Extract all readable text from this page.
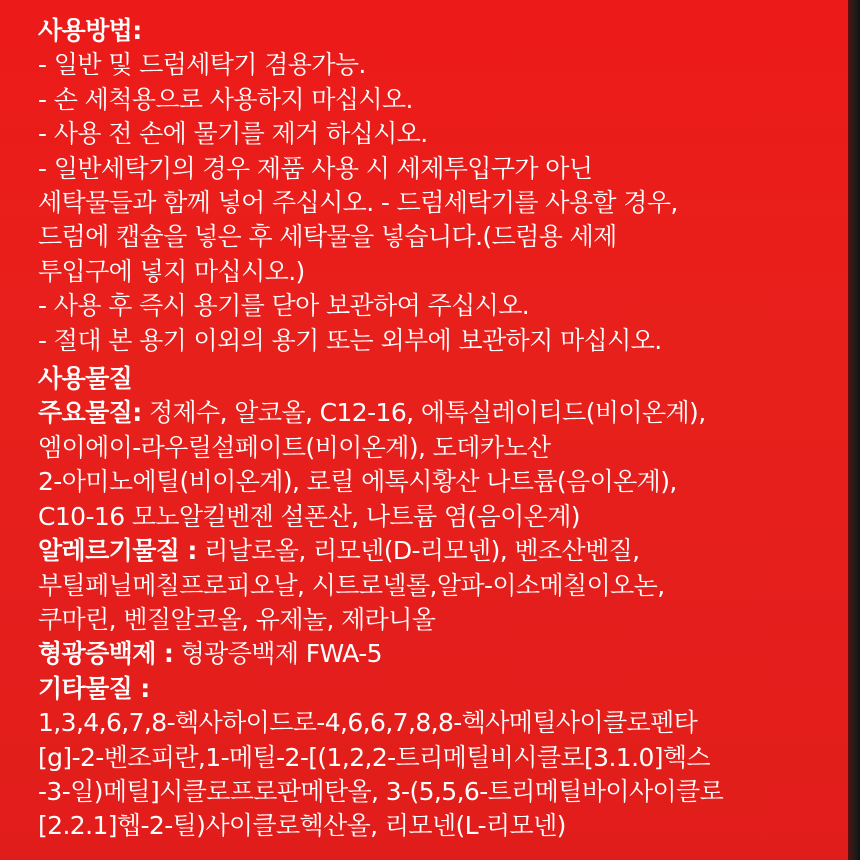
사용방법:
- 일반 및 드럼세탁기 겸용가능.
- 손 세척용으로 사용하지 마십시오.
- 사용 전 손에 물기를 제거 하십시오.
- 일반세탁기의 경우 제품 사용 시 세제투입구가 아닌
세탁물들과 함께 넣어 주십시오. - 드럼세탁기를 사용할 경우,
드럼에 캡슐을 넣은 후 세탁물을 넣습니다.(드럼용 세제
투입구에 넣지 마십시오.)
- 사용 후 즉시 용기를 닫아 보관하여 주십시오.
- 절대 본 용기 이외의 용기 또는 외부에 보관하지 마십시오.
사용물질
주요물질: 정제수, 알코올, C12-16, 에톡실레이티드(비이온계),
엠이에이-라우릴설페이트(비이온계), 도데카노산
2-아미노에틸(비이온계), 로릴 에톡시황산 나트륨(음이온계),
C10-16 모노알킬벤젠 설폰산, 나트륨 염(음이온계)
알레르기물질 : 리날로올, 리모넨(D-리모넨), 벤조산벤질,
부틸페닐메칠프로피오날, 시트로넬롤,알파-이소메칠이오논,
쿠마린, 벤질알코올, 유제놀, 제라니올
형광증백제 : 형광증백제 FWA-5
기타물질 :
1,3,4,6,7,8-헥사하이드로-4,6,6,7,8,8-헥사메틸사이클로펜타
[g]-2-벤조피란,1-메틸-2-[(1,2,2-트리메틸비시클로[3.1.0]헥스
-3-일)메틸]시클로프로판메탄올, 3-(5,5,6-트리메틸바이사이클로
[2.2.1]헵-2-틸)사이클로헥산올, 리모넨(L-리모넨)
